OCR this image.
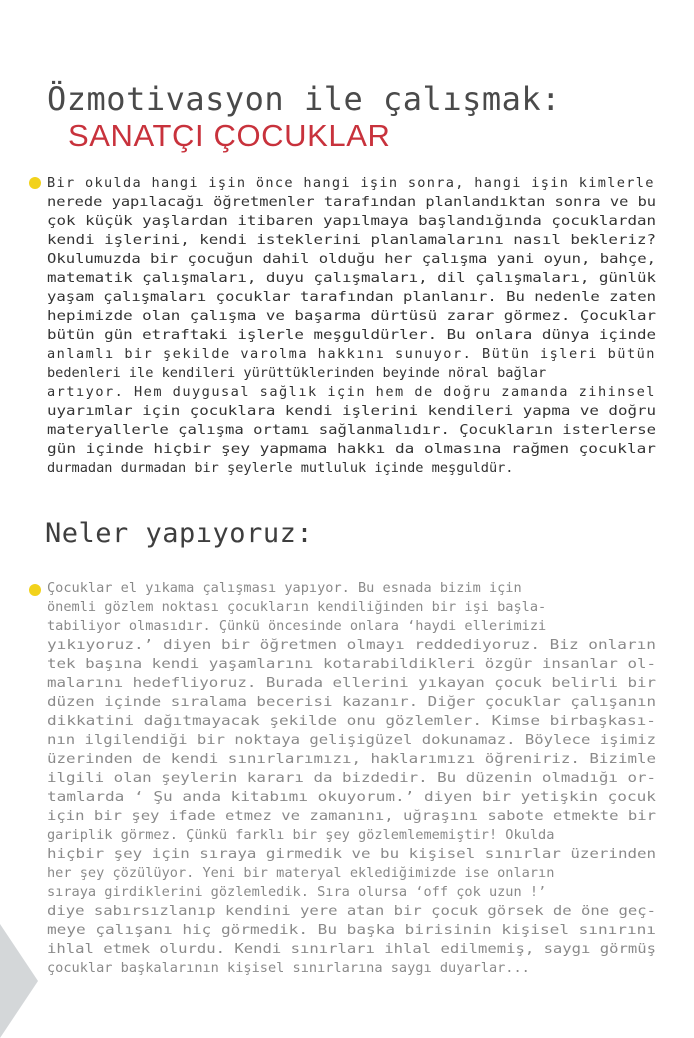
Özmotivasyon ile çalışmak:
SANATÇI ÇOCUKLAR

Bir okulda hangi işin önce hangi işin sonra, hangi işin kimlerle
nerede yapılacağı öğretmenler tarafından planlandıktan sonra ve bu
çok küçük yaşlardan itibaren yapılmaya başlandığında çocuklardan
kendi işlerini, kendi isteklerini planlamalarını nasıl bekleriz?
Okulumuzda bir çocuğun dahil olduğu her çalışma yani oyun, bahçe,
matematik çalışmaları, duyu çalışmaları, dil çalışmaları, günlük
yaşam çalışmaları çocuklar tarafından planlanır. Bu nedenle zaten
hepimizde olan çalışma ve başarma dürtüsü zarar görmez. Çocuklar
bütün gün etraftaki işlerle meşguldürler. Bu onlara dünya içinde
anlamlı bir şekilde varolma hakkını sunuyor. Bütün işleri bütün
bedenleri ile kendileri yürüttüklerinden beyinde nöral bağlar
artıyor. Hem duygusal sağlık için hem de doğru zamanda zihinsel
uyarımlar için çocuklara kendi işlerini kendileri yapma ve doğru
materyallerle çalışma ortamı sağlanmalıdır. Çocukların isterlerse
gün içinde hiçbir şey yapmama hakkı da olmasına rağmen çocuklar
durmadan durmadan bir şeylerle mutluluk içinde meşguldür.

Neler yapıyoruz:

Çocuklar el yıkama çalışması yapıyor. Bu esnada bizim için
önemli gözlem noktası çocukların kendiliğinden bir işi başla-
tabiliyor olmasıdır. Çünkü öncesinde onlara ‘haydi ellerimizi
yıkıyoruz.’ diyen bir öğretmen olmayı reddediyoruz. Biz onların
tek başına kendi yaşamlarını kotarabildikleri özgür insanlar ol-
malarını hedefliyoruz. Burada ellerini yıkayan çocuk belirli bir
düzen içinde sıralama becerisi kazanır. Diğer çocuklar çalışanın
dikkatini dağıtmayacak şekilde onu gözlemler. Kimse birbaşkası-
nın ilgilendiği bir noktaya gelişigüzel dokunamaz. Böylece işimiz
üzerinden de kendi sınırlarımızı, haklarımızı öğreniriz. Bizimle
ilgili olan şeylerin kararı da bizdedir. Bu düzenin olmadığı or-
tamlarda ‘ Şu anda kitabımı okuyorum.’ diyen bir yetişkin çocuk
için bir şey ifade etmez ve zamanını, uğraşını sabote etmekte bir
gariplik görmez. Çünkü farklı bir şey gözlemlememiştir! Okulda
hiçbir şey için sıraya girmedik ve bu kişisel sınırlar üzerinden
her şey çözülüyor. Yeni bir materyal eklediğimizde ise onların
sıraya girdiklerini gözlemledik. Sıra olursa ‘off çok uzun !’
diye sabırsızlanıp kendini yere atan bir çocuk görsek de öne geç-
meye çalışanı hiç görmedik. Bu başka birisinin kişisel sınırını
ihlal etmek olurdu. Kendi sınırları ihlal edilmemiş, saygı görmüş
çocuklar başkalarının kişisel sınırlarına saygı duyarlar...
